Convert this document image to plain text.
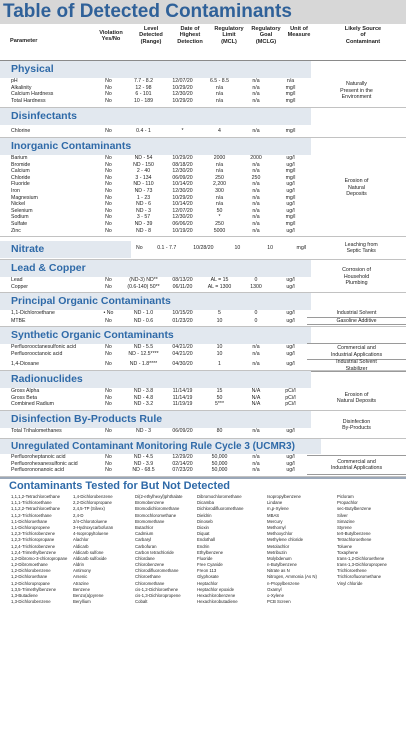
Table of Detected Contaminants
Parameter
Violation
Yes/No
Level
Detected
(Range)
Date of
Highest
Detection
Regulatory
Limit
(MCL)
Regulatory
Goal
(MCLG)
Unit of
Measure
Likely Source
of
Contaminant
Physical
pH	No	7.7 - 8.2	12/07/20	6.5 - 8.5	n/a	n/a
Alkalinity	No	12 - 98	10/29/20	n/a	n/a	mg/l
Calcium Hardness	No	6 - 101	12/30/20	n/a	n/a	mg/l
Total Hardness	No	10 - 189	10/29/20	n/a	n/a	mg/l
Naturally
Present in the
Environment
Disinfectants
Chlorine	No	0.4 - 1	*	4	n/a	mg/l
Inorganic Contaminants
Barium	No	ND - 54	10/29/20	2000	2000	ug/l
Bromide	No	ND - 150	08/18/20	n/a	n/a	ug/l
Calcium	No	2 - 40	12/30/20	n/a	n/a	mg/l
Chloride	No	3 - 134	06/09/20	250	250	mg/l
Fluoride	No	ND - 110	10/14/20	2,200	n/a	ug/l
Iron	No	ND - 73	12/30/20	300	n/a	ug/l
Magnesium	No	1 - 23	10/29/20	n/a	n/a	mg/l
Nickel	No	ND - 6	10/14/20	n/a	n/a	ug/l
Selenium	No	ND - 3	12/07/20	50	n/a	ug/l
Sodium	No	3 - 57	12/30/20	*	n/a	mg/l
Sulfate	No	ND - 39	06/06/20	250	n/a	mg/l
Zinc	No	ND - 8	10/19/20	5000	n/a	ug/l
Erosion of
Natural
Deposits
Nitrate	No	0.1 - 7.7	10/28/20	10	10	mg/l	Leaching from
Septic Tanks
Lead & Copper
Lead	No	(ND-3) ND**	08/13/20	AL = 15	0	ug/l
Copper	No	(0.6-140) 50**	06/11/20	AL = 1300	1300	ug/l
Corrosion of
Household
Plumbing
Principal Organic Contaminants
1,1-Dichloroethane	• No	ND - 1.0	10/15/20	5	0	ug/l	Industrial Solvent
MTBE	No	ND - 0.6	01/23/20	10	0	ug/l	Gasoline Additive
Synthetic Organic Contaminants
Perfluorooctanesulfonic acid	No	ND - 5.5	04/21/20	10	n/a	ug/l
Perfluorooctanoic acid	No	ND - 12.5****	04/21/20	10	n/a	ug/l
1,4-Dioxane	No	ND - 1.8****	04/30/20	1	n/a	ug/l
Commercial and
Industrial Applications
Industrial Solvent
Stabilizer
Radionuclides
Gross Alpha	No	ND - 3.8	11/14/19	15	N/A	pCi/l
Gross Beta	No	ND - 4.8	11/14/19	50	N/A	pCi/l
Combined Radium	No	ND - 3.2	11/19/19	5***	N/A	pCi/l
Erosion of
Natural Deposits
Disinfection By-Products Rule
Total Trihalomethanes	No	ND - 3	06/09/20	80	n/a	ug/l
Disinfection
By-Products
Unregulated Contaminant Monitoring Rule Cycle 3 (UCMR3)
Perfluoroheptanoic acid	No	ND - 4.5	12/29/20	50,000	n/a	ug/l
Perfluorohexanesulfonic acid	No	ND - 3.9	02/14/20	50,000	n/a	ug/l
Perfluorononanoic acid	No	ND - 68.5	07/23/20	50,000	n/a	ug/l
Commercial and
Industrial Applications
Contaminants Tested for But Not Detected
1,1,1,2-Tetrachloroethane
1,1,1-Trichloroethane
1,1,2,2-Tetrachloroethane
1,1,2-Trichloroethane
1,1-Dichloroethane
1,1-Dichloropropene
1,2,3-Trichlorobenzene
1,2,3-Trichloropropane
1,2,4-Trichlorobenzene
1,2,4-Trimethylbenzene
1,2-Dibromo-3-chloropropane
1,2-Dibromoethane
1,2-Dichlorobenzene
1,2-Dichloroethane
1,2-Dichloropropane
1,3,5-Trimethylbenzene
1,3-Butadiene
1,3-Dichlorobenzene
1,4-Dichlorobenzene
2,2-Dichloropropane
2,4,5-TP (Silvex)
2,4-D
2/4-Chlorotoluene
3-Hydroxycarbofuran
4-Isopropyltoluene
Alachlor
Aldicarb
Aldicarb sulfone
Aldicarb sulfoxide
Aldrin
Antimony
Arsenic
Atrazine
Benzene
Benzo(a)pyrene
Beryllium
Di(2-ethylhexyl)phthalate
Bromobenzene
Bromodichloromethane
Bromochloromethane
Bromomethane
Butachlor
Cadmium
Carbaryl
Carbofuran
Carbon tetrachloride
Chlordane
Chlorobenzene
Chlorodifluoromethane
Chloroethane
Chloromethane
cis-1,2-Dichloroethene
cis-1,3-Dichloropropene
Cobalt
Dibromochloromethane
Dicamba
Dichlorodifluoromethane
Dieldrin
Dinoseb
Dioxin
Diquat
Endothall
Endrin
Ethylbenzene
Fluoride
Free Cyanide
Freon 113
Glyphosate
Heptachlor
Heptachlor epoxide
Hexachlorobenzene
Hexachlorobutadiene
Isopropylbenzene
Lindane
m,p-Xylene
MBAS
Mercury
Methomyl
Methoxychlor
Methylene chloride
Metolachlor
Metribuzin
Molybdenum
n-Butylbenzene
Nitrate as N
Nitrogen, Ammonia (As N)
n-Propylbenzene
Oxamyl
o-Xylene
PCB Screen
Picloram
Propachlor
sec-Butylbenzene
Silver
Simazine
Styrene
tert-Butylbenzene
Tetrachloroethene
Toluene
Toxaphene
trans-1,2-Dichloroethene
trans-1,3-Dichloropropene
Trichloroethene
Trichlorofluoromethane
Vinyl chloride
